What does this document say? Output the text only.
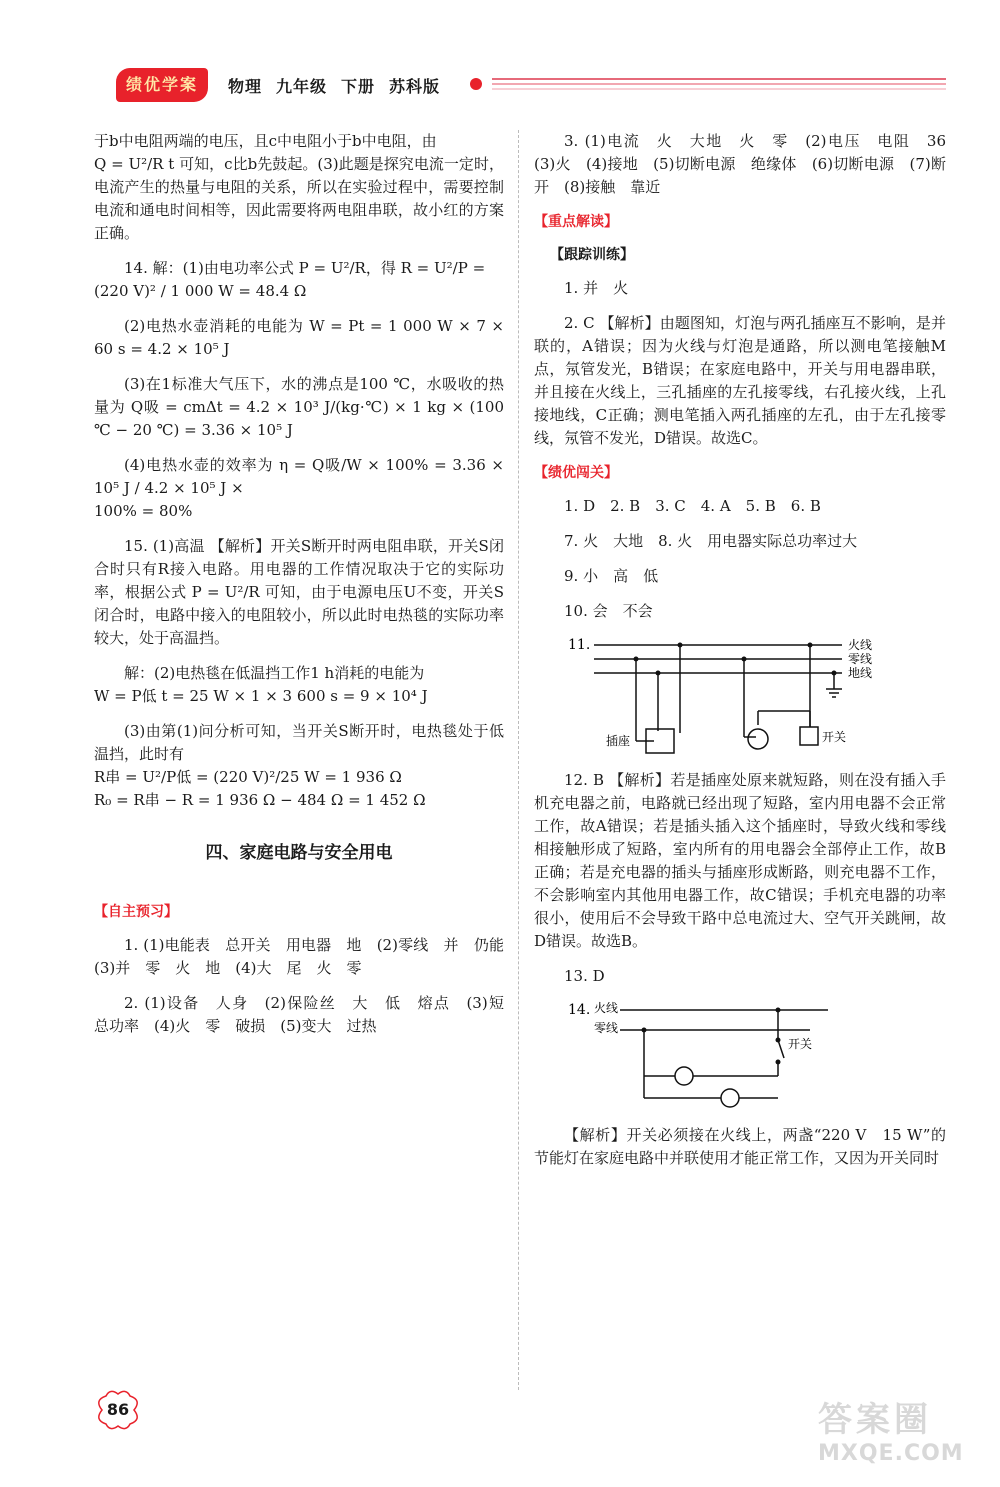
绩优学案	物理 九年级 下册 苏科版

于b中电阻两端的电压，且c中电阻小于b中电阻，由
Q = U²/R t 可知，c比b先鼓起。(3)此题是探究电流一定时，电流产生的热量与电阻的关系，所以在实验过程中，需要控制电流和通电时间相等，因此需要将两电阻串联，故小红的方案正确。

14. 解：(1)由电功率公式 P = U²/R，得 R = U²/P =
(220 V)² / 1 000 W = 48.4 Ω

(2)电热水壶消耗的电能为 W = Pt = 1 000 W × 7 × 60 s = 4.2 × 10⁵ J

(3)在1标准大气压下，水的沸点是100 ℃，水吸收的热量为 Q吸 = cmΔt = 4.2 × 10³ J/(kg·℃) × 1 kg × (100 ℃ − 20 ℃) = 3.36 × 10⁵ J

(4)电热水壶的效率为 η = Q吸/W × 100% = 3.36 × 10⁵ J / 4.2 × 10⁵ J ×
100% = 80%

15. (1)高温 【解析】开关S断开时两电阻串联，开关S闭合时只有R接入电路。用电器的工作情况取决于它的实际功率，根据公式 P = U²/R 可知，由于电源电压U不变，开关S闭合时，电路中接入的电阻较小，所以此时电热毯的实际功率较大，处于高温挡。

解：(2)电热毯在低温挡工作1 h消耗的电能为
W = P低 t = 25 W × 1 × 3 600 s = 9 × 10⁴ J

(3)由第(1)问分析可知，当开关S断开时，电热毯处于低温挡，此时有
R串 = U²/P低 = (220 V)²/25 W = 1 936 Ω
R₀ = R串 − R = 1 936 Ω − 484 Ω = 1 452 Ω

四、家庭电路与安全用电
【自主预习】

1. (1)电能表　总开关　用电器　地　(2)零线　并　仍能　(3)并　零　火　地　(4)大　尾　火　零

2. (1)设备　人身　(2)保险丝　大　低　熔点　(3)短　总功率　(4)火　零　破损　(5)变大　过热

3. (1)电流　火　大地　火　零　(2)电压　电阻　36　(3)火　(4)接地　(5)切断电源　绝缘体　(6)切断电源　(7)断开　(8)接触　靠近

【重点解读】
【跟踪训练】

1. 并　火

2. C 【解析】由题图知，灯泡与两孔插座互不影响，是并联的，A错误；因为火线与灯泡是通路，所以测电笔接触M点，氖管发光，B错误；在家庭电路中，开关与用电器串联，并且接在火线上，三孔插座的左孔接零线，右孔接火线，上孔接地线，C正确；测电笔插入两孔插座的左孔，由于左孔接零线，氖管不发光，D错误。故选C。

【绩优闯关】

1. D　2. B　3. C　4. A　5. B　6. B

7. 火　大地　8. 火　用电器实际总功率过大

9. 小　高　低

10. 会　不会

11.	火线
零线
地线
插座	开关

12. B 【解析】若是插座处原来就短路，则在没有插入手机充电器之前，电路就已经出现了短路，室内用电器不会正常工作，故A错误；若是插头插入这个插座时，导致火线和零线相接触形成了短路，室内所有的用电器会全部停止工作，故B正确；若是充电器的插头与插座形成断路，则充电器不工作，不会影响室内其他用电器工作，故C错误；手机充电器的功率很小，使用后不会导致干路中总电流过大、空气开关跳闸，故D错误。故选B。

13. D

14. 火线
零线
开关

【解析】开关必须接在火线上，两盏“220 V　15 W”的节能灯在家庭电路中并联使用才能正常工作，又因为开关同时

86	答案圈
MXQE.COM
